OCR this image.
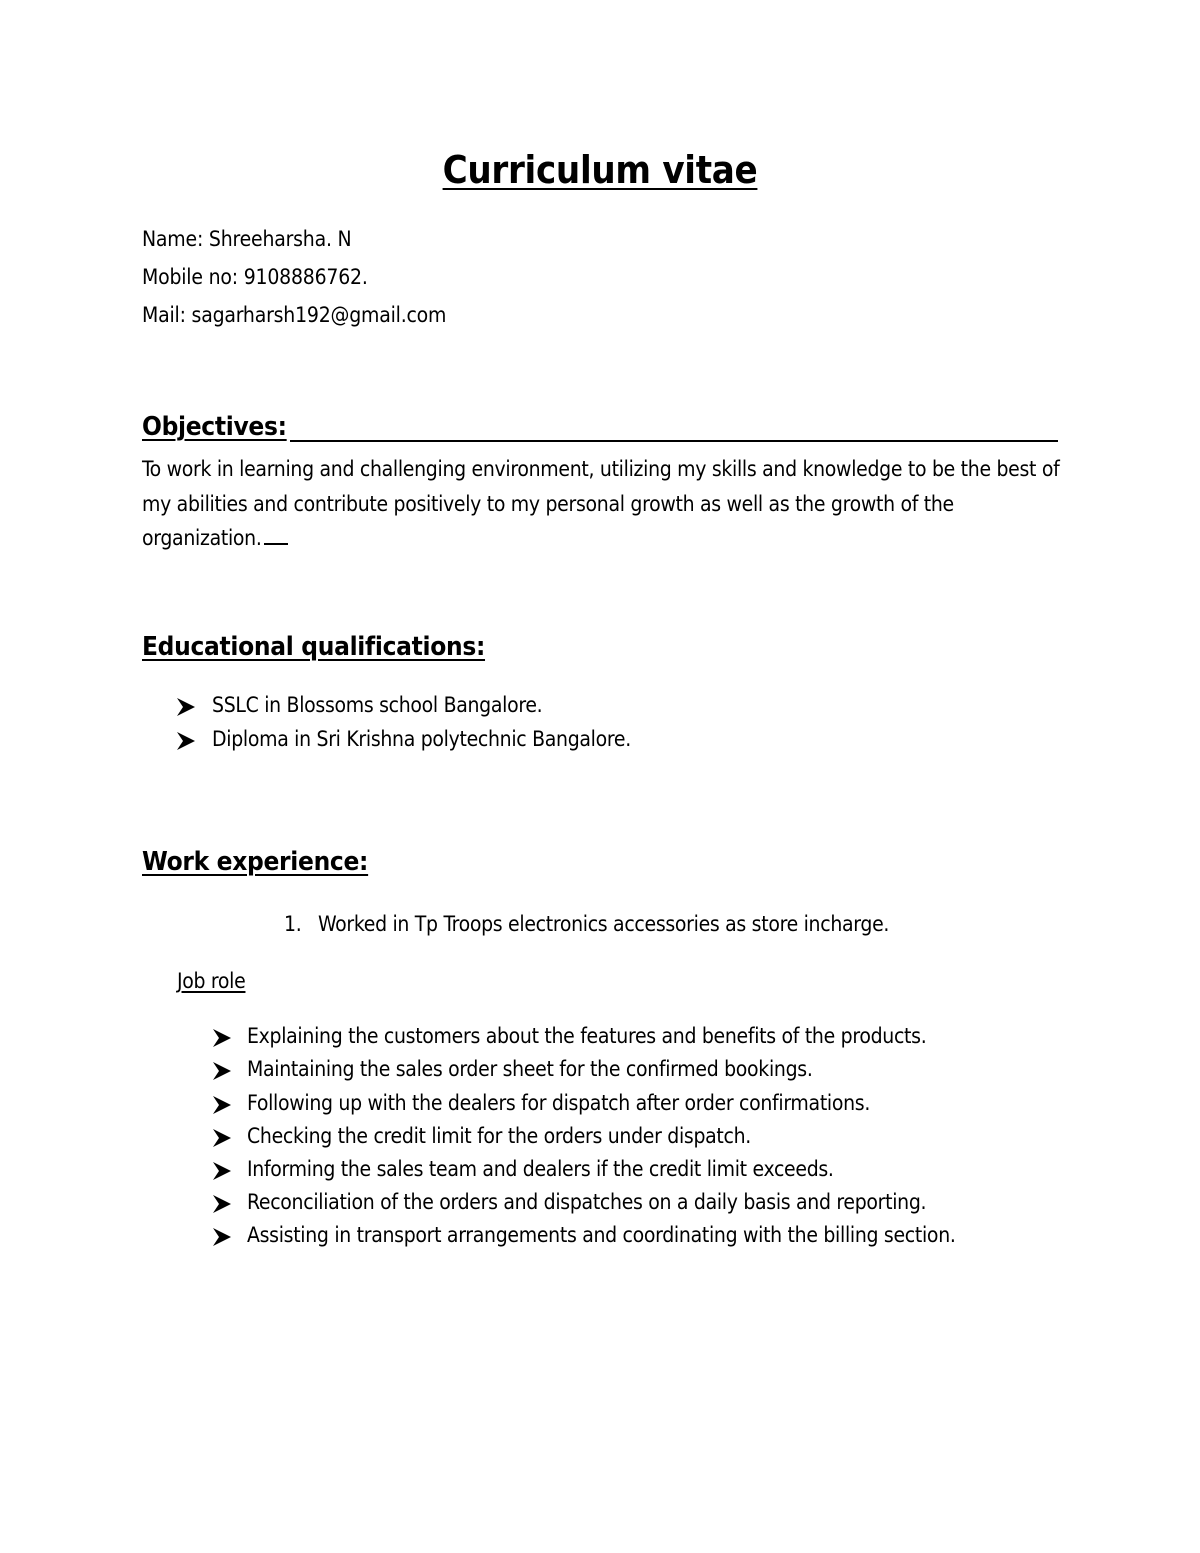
Curriculum vitae
Name: Shreeharsha. N
Mobile no: 9108886762.
Mail: sagarharsh192@gmail.com
Objectives:
To work in learning and challenging environment, utilizing my skills and knowledge to be the best of my abilities and contribute positively to my personal growth as well as the growth of the organization.
Educational qualifications:
SSLC in Blossoms school Bangalore.
Diploma in Sri Krishna polytechnic Bangalore.
Work experience:
1. Worked in Tp Troops electronics accessories as store incharge.
Job role
Explaining the customers about the features and benefits of the products.
Maintaining the sales order sheet for the confirmed bookings.
Following up with the dealers for dispatch after order confirmations.
Checking the credit limit for the orders under dispatch.
Informing the sales team and dealers if the credit limit exceeds.
Reconciliation of the orders and dispatches on a daily basis and reporting.
Assisting in transport arrangements and coordinating with the billing section.
